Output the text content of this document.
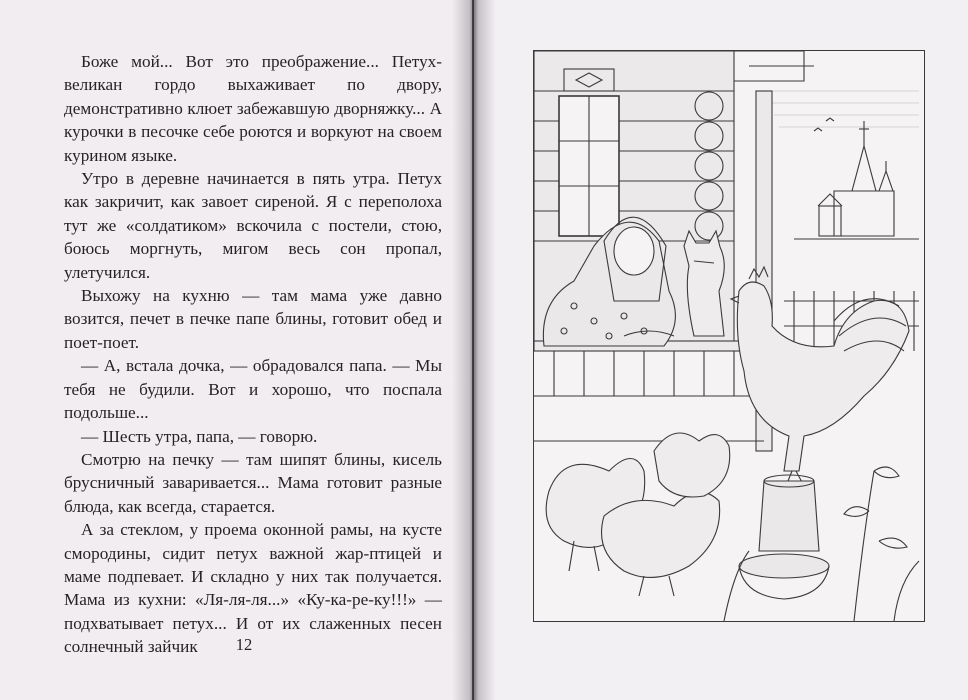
Боже мой... Вот это преображение... Петух-великан гордо выхаживает по двору, демонстративно клюет забежавшую дворняжку... А курочки в песочке себе роются и воркуют на своем курином языке.

Утро в деревне начинается в пять утра. Петух как закричит, как завоет сиреной. Я с переполоха тут же «солдатиком» вскочила с постели, стою, боюсь моргнуть, мигом весь сон пропал, улетучился.

Выхожу на кухню — там мама уже давно возится, печет в печке папе блины, готовит обед и поет-поет.

— А, встала дочка, — обрадовался папа. — Мы тебя не будили. Вот и хорошо, что поспала подольше...

— Шесть утра, папа, — говорю.

Смотрю на печку — там шипят блины, кисель брусничный заваривается... Мама готовит разные блюда, как всегда, старается.

А за стеклом, у проема оконной рамы, на кусте смородины, сидит петух важной жар-птицей и маме подпевает. И складно у них так получается. Мама из кухни: «Ля-ля-ля...» «Ку-ка-ре-ку!!!» — подхватывает петух... И от их слаженных песен солнечный зайчик	12
